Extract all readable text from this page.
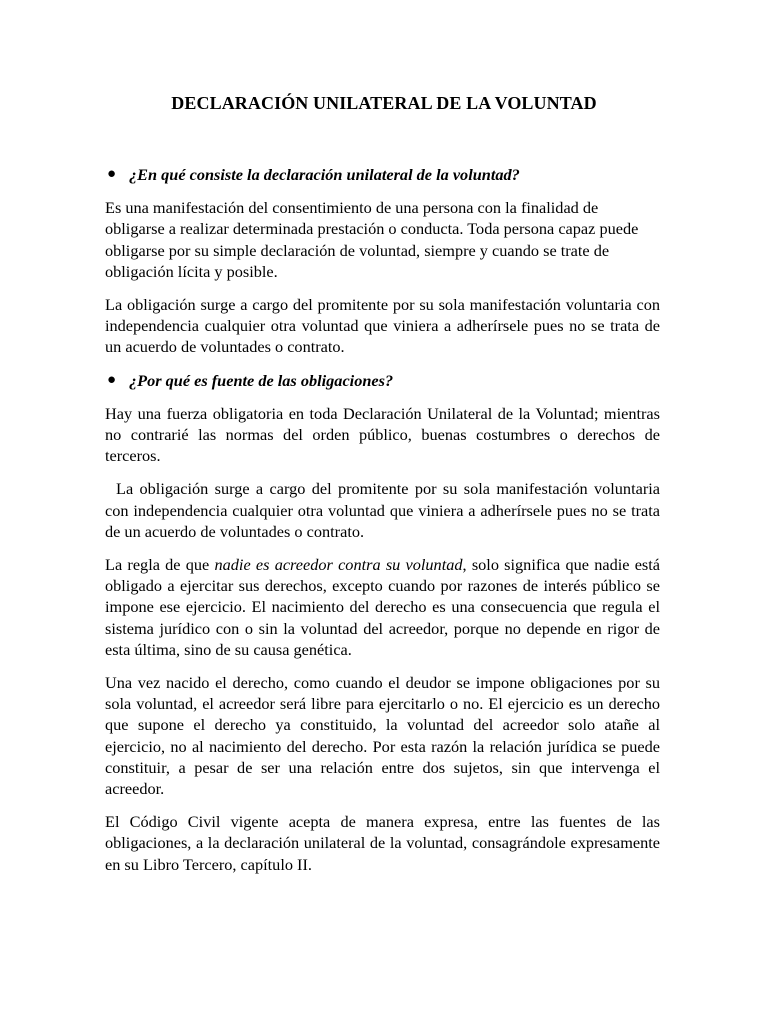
DECLARACIÓN UNILATERAL DE LA VOLUNTAD
● ¿En qué consiste la declaración unilateral de la voluntad?

Es una manifestación del consentimiento de una persona con la finalidad de obligarse a realizar determinada prestación o conducta. Toda persona capaz puede obligarse por su simple declaración de voluntad, siempre y cuando se trate de obligación lícita y posible.

La obligación surge a cargo del promitente por su sola manifestación voluntaria con independencia cualquier otra voluntad que viniera a adherírsele pues no se trata de un acuerdo de voluntades o contrato.

● ¿Por qué es fuente de las obligaciones?

Hay una fuerza obligatoria en toda Declaración Unilateral de la Voluntad; mientras no contrarié las normas del orden público, buenas costumbres o derechos de terceros.

La obligación surge a cargo del promitente por su sola manifestación voluntaria con independencia cualquier otra voluntad que viniera a adherírsele pues no se trata de un acuerdo de voluntades o contrato.

La regla de que nadie es acreedor contra su voluntad, solo significa que nadie está obligado a ejercitar sus derechos, excepto cuando por razones de interés público se impone ese ejercicio. El nacimiento del derecho es una consecuencia que regula el sistema jurídico con o sin la voluntad del acreedor, porque no depende en rigor de esta última, sino de su causa genética.

Una vez nacido el derecho, como cuando el deudor se impone obligaciones por su sola voluntad, el acreedor será libre para ejercitarlo o no. El ejercicio es un derecho que supone el derecho ya constituido, la voluntad del acreedor solo atañe al ejercicio, no al nacimiento del derecho. Por esta razón la relación jurídica se puede constituir, a pesar de ser una relación entre dos sujetos, sin que intervenga el acreedor.

El Código Civil vigente acepta de manera expresa, entre las fuentes de las obligaciones, a la declaración unilateral de la voluntad, consagrándole expresamente en su Libro Tercero, capítulo II.
